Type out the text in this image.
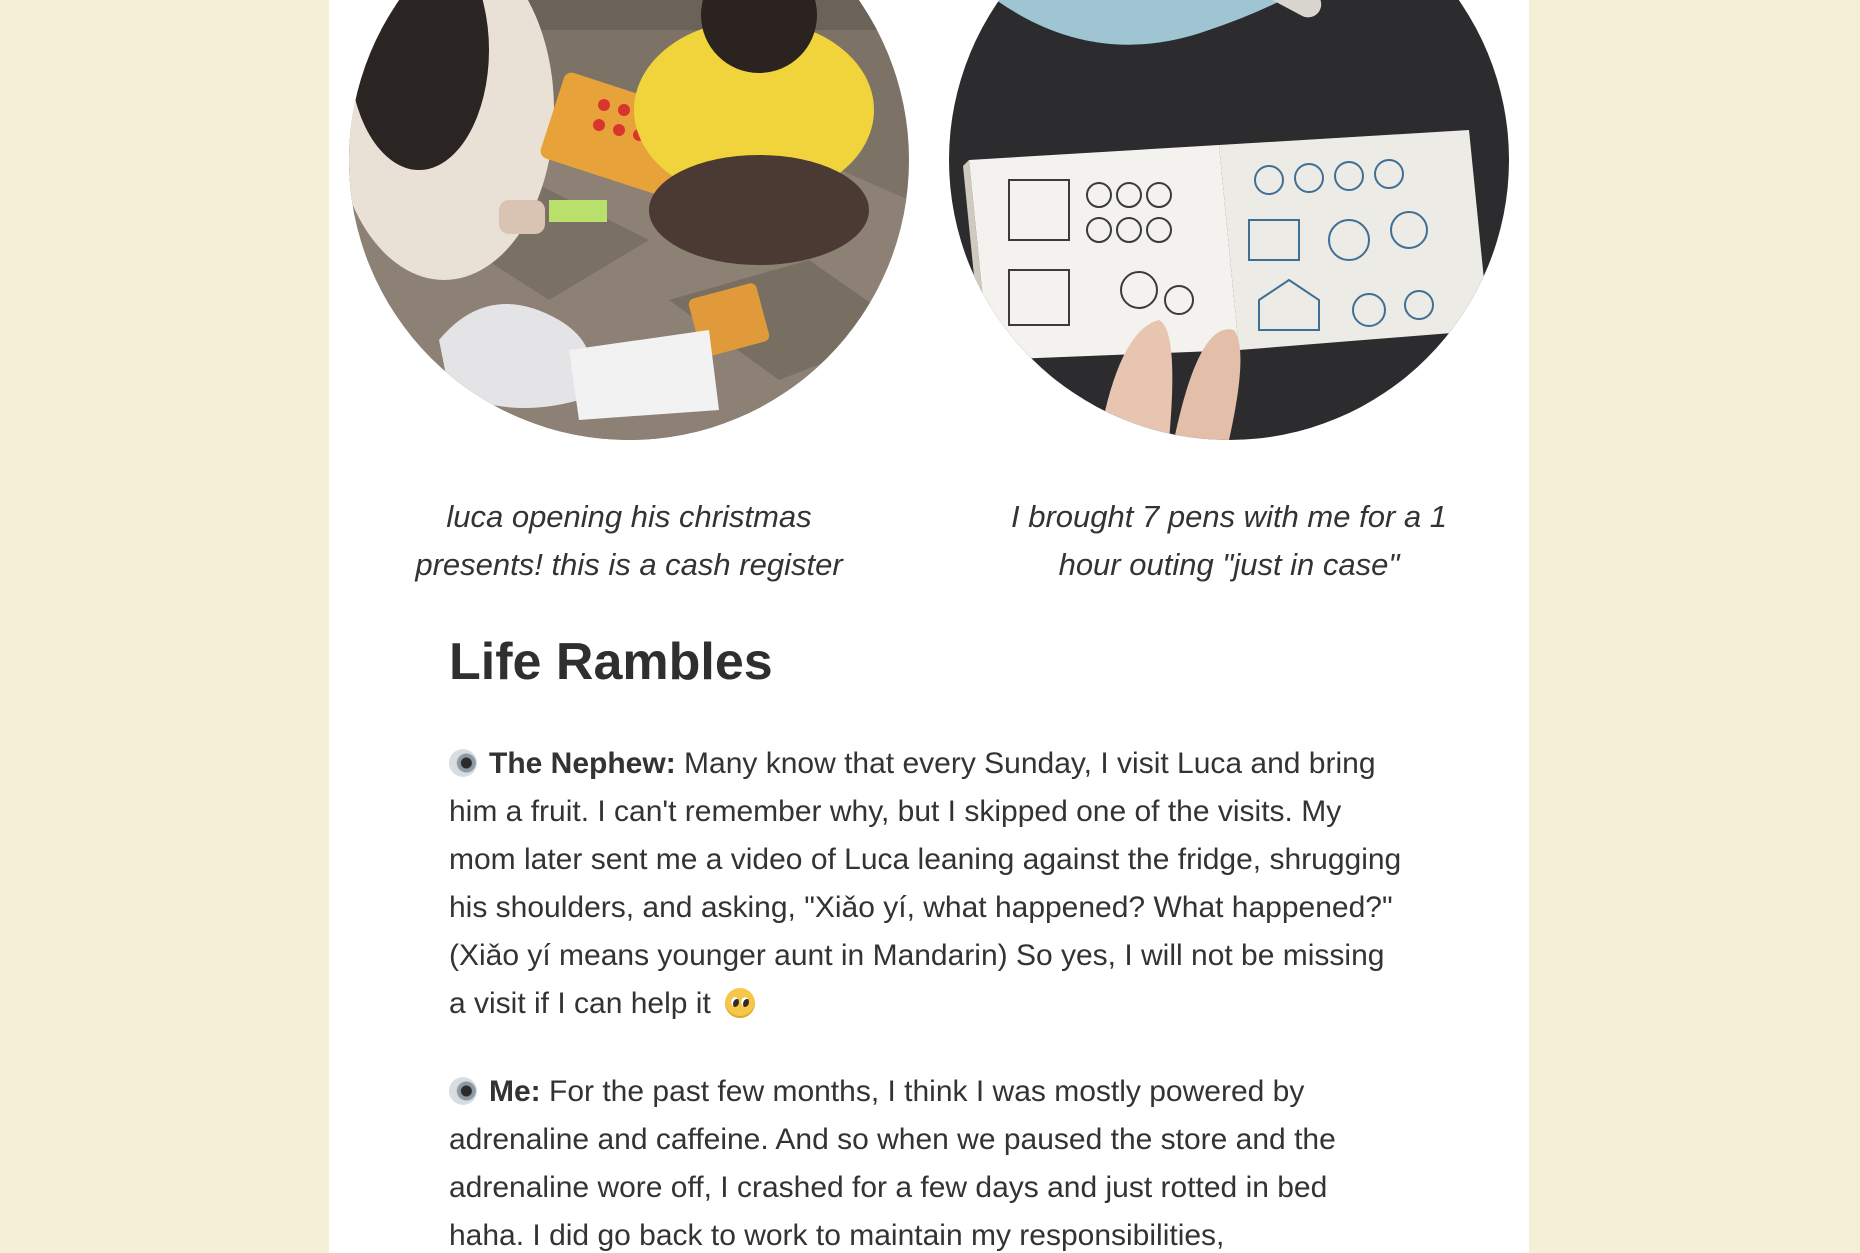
luca opening his christmas presents! this is a cash register
I brought 7 pens with me for a 1 hour outing "just in case"
Life Rambles

The Nephew: Many know that every Sunday, I visit Luca and bring him a fruit. I can't remember why, but I skipped one of the visits. My mom later sent me a video of Luca leaning against the fridge, shrugging his shoulders, and asking, "Xiǎo yí, what happened? What happened?" (Xiǎo yí means younger aunt in Mandarin) So yes, I will not be missing a visit if I can help it

Me: For the past few months, I think I was mostly powered by adrenaline and caffeine. And so when we paused the store and the adrenaline wore off, I crashed for a few days and just rotted in bed haha. I did go back to work to maintain my responsibilities,
